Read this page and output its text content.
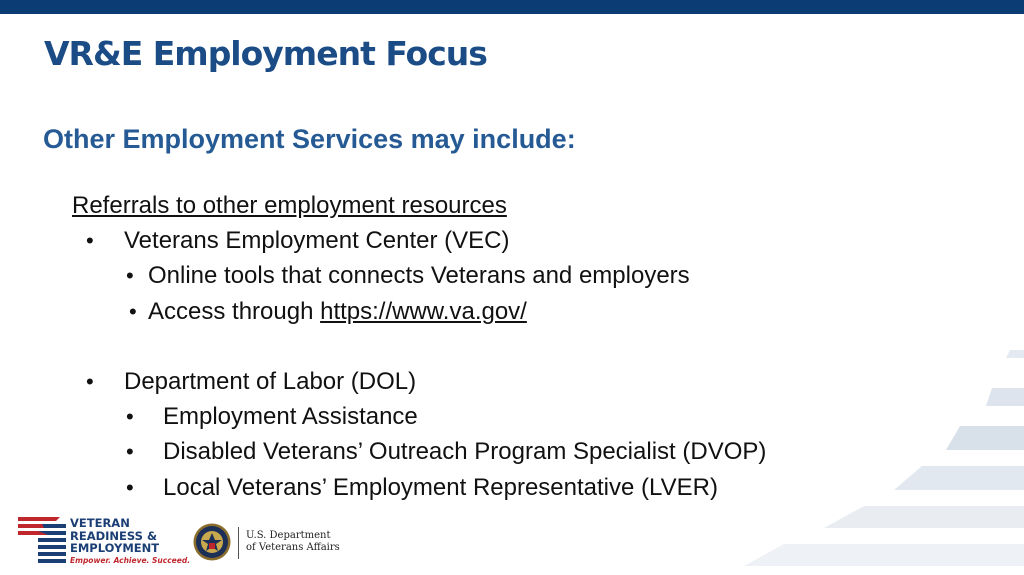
VR&E Employment Focus
Other Employment Services may include:
Referrals to other employment resources
• Veterans Employment Center (VEC)
• Online tools that connects Veterans and employers
• Access through https://www.va.gov/
• Department of Labor (DOL)
• Employment Assistance
• Disabled Veterans’ Outreach Program Specialist (DVOP)
• Local Veterans’ Employment Representative (LVER)
VETERAN
READINESS &
EMPLOYMENT
Empower. Achieve. Succeed.
U.S. Department
of Veterans Affairs
